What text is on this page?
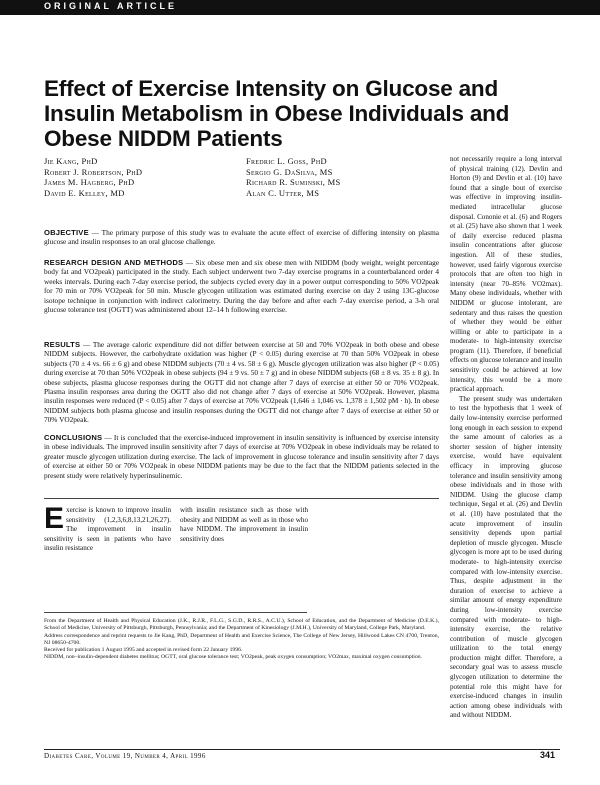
ORIGINAL ARTICLE
Effect of Exercise Intensity on Glucose and Insulin Metabolism in Obese Individuals and Obese NIDDM Patients
Jie Kang, PhD
Robert J. Robertson, PhD
James M. Hagberg, PhD
David E. Kelley, MD
Fredric L. Goss, PhD
Sergio G. DaSilva, MS
Richard R. Suminski, MS
Alan C. Utter, MS
OBJECTIVE — The primary purpose of this study was to evaluate the acute effect of exercise of differing intensity on plasma glucose and insulin responses to an oral glucose challenge.
RESEARCH DESIGN AND METHODS — Six obese men and six obese men with NIDDM (body weight, weight percentage body fat and VO2peak) participated in the study. Each subject underwent two 7-day exercise programs in a counterbalanced order 4 weeks intervals. During each 7-day exercise period, the subjects cycled every day in a power output corresponding to 50% VO2peak for 70 min or 70% VO2peak for 50 min. Muscle glycogen utilization was estimated during exercise on day 2 using 13C-glucose isotope technique in conjunction with indirect calorimetry. During the day before and after each 7-day exercise period, a 3-h oral glucose tolerance test (OGTT) was administered about 12–14 h following exercise.
RESULTS — The average caloric expenditure did not differ between exercise at 50 and 70% VO2peak in both obese and obese NIDDM subjects. However, the carbohydrate oxidation was higher (P < 0.05) during exercise at 70 than 50% VO2peak in obese subjects (70 ± 4 vs. 66 ± 6 g) and obese NIDDM subjects (70 ± 4 vs. 58 ± 6 g). Muscle glycogen utilization was also higher (P < 0.05) during exercise at 70 than 50% VO2peak in obese subjects (94 ± 9 vs. 50 ± 7 g) and in obese NIDDM subjects (68 ± 8 vs. 35 ± 8 g). In obese subjects, plasma glucose responses during the OGTT did not change after 7 days of exercise at either 50 or 70% VO2peak. Plasma insulin responses area during the OGTT also did not change after 7 days of exercise at 50% VO2peak. However, plasma insulin responses were reduced (P < 0.05) after 7 days of exercise at 70% VO2peak (1,646 ± 1,046 vs. 1,378 ± 1,502 pM · h). In obese NIDDM subjects both plasma glucose and insulin responses during the OGTT did not change after 7 days of exercise at either 50 or 70% VO2peak.
CONCLUSIONS — It is concluded that the exercise-induced improvement in insulin sensitivity is influenced by exercise intensity in obese individuals. The improved insulin sensitivity after 7 days of exercise at 70% VO2peak in obese individuals may be related to greater muscle glycogen utilization during exercise. The lack of improvement in glucose tolerance and insulin sensitivity after 7 days of exercise at either 50 or 70% VO2peak in obese NIDDM patients may be due to the fact that the NIDDM patients selected in the present study were relatively hyperinsulinemic.
Exercise is known to improve insulin sensitivity (1,2,3,6,8,13,21,26,27). The improvement in insulin sensitivity is seen in patients who have insulin resistance
with insulin resistance such as those with obesity and NIDDM as well as in those who have NIDDM. The improvement in insulin sensitivity does

not necessarily require a long interval of physical training (12). Devlin and Horton (9) and Devlin et al. (10) have found that a single bout of exercise was effective in improving insulin-mediated intracellular glucose disposal. Cononie et al. (6) and Rogers et al. (25) have also shown that 1 week of daily exercise reduced plasma insulin concentrations after glucose ingestion. All of these studies, however, used fairly vigorous exercise protocols that are often too high in intensity (near 70–85% VO2max). Many obese individuals, whether with NIDDM or glucose intolerant, are sedentary and thus raises the question of whether they would be either willing or able to participate in a moderate- to high-intensity exercise program (11). Therefore, if beneficial effects on glucose tolerance and insulin sensitivity could be achieved at low intensity, this would be a more practical approach.

The present study was undertaken to test the hypothesis that 1 week of daily low-intensity exercise performed long enough in each session to expend the same amount of calories as a shorter session of higher intensity exercise, would have equivalent efficacy in improving glucose tolerance and insulin sensitivity among obese individuals and in those with NIDDM. Using the glucose clamp technique, Segal et al. (26) and Devlin et al. (10) have postulated that the acute improvement of insulin sensitivity depends upon partial depletion of muscle glycogen. Muscle glycogen is more apt to be used during moderate- to high-intensity exercise compared with low-intensity exercise. Thus, despite adjustment in the duration of exercise to achieve a similar amount of energy expenditure during low-intensity exercise compared with moderate- to high-intensity exercise, the relative contribution of muscle glycogen utilization to the total energy production might differ. Therefore, a secondary goal was to assess muscle glycogen utilization to determine the potential role this might have for exercise-induced changes in insulin action among obese individuals with and without NIDDM.

From the Department of Health and Physical Education (J.K., R.J.R., F.L.G., S.G.D., R.R.S., A.C.U.), School of Education, and the Department of Medicine (D.E.K.), School of Medicine, University of Pittsburgh, Pittsburgh, Pennsylvania; and the Department of Kinesiology (J.M.H.), University of Maryland, College Park, Maryland.

Address correspondence and reprint requests to Jie Kang, PhD, Department of Health and Exercise Science, The College of New Jersey, Hillwood Lakes CN 4700, Trenton, NJ 08650-4700.

Received for publication 1 August 1995 and accepted in revised form 22 January 1996.

NIDDM, non–insulin-dependent diabetes mellitus; OGTT, oral glucose tolerance test; VO2peak, peak oxygen consumption; VO2max, maximal oxygen consumption.

Diabetes Care, Volume 19, Number 4, April 1996	341
